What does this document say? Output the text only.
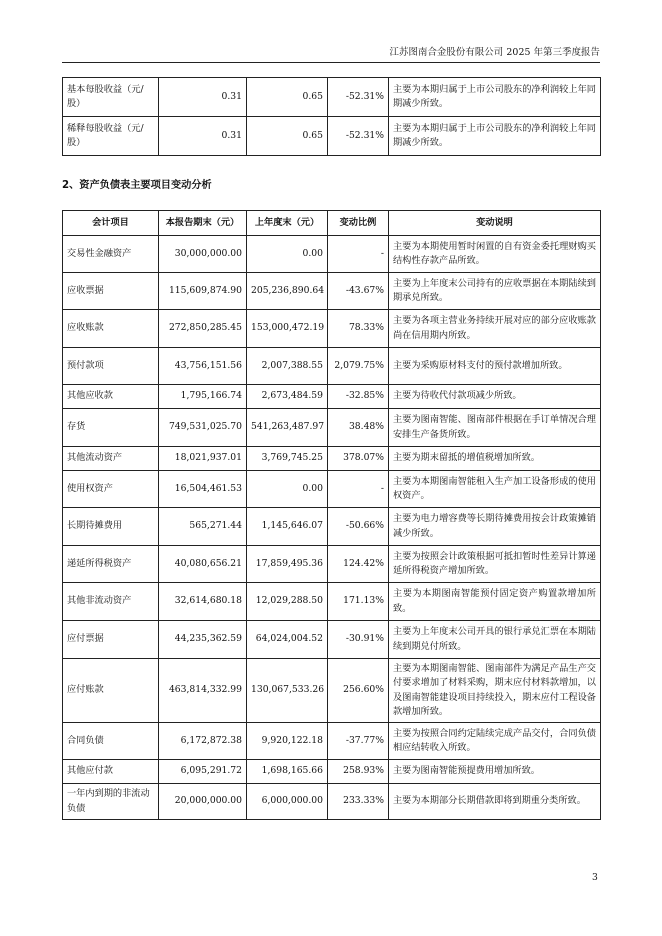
江苏图南合金股份有限公司 2025 年第三季度报告
基本每股收益（元/股）	0.31	0.65	-52.31%	主要为本期归属于上市公司股东的净利润较上年同期减少所致。
稀释每股收益（元/股）	0.31	0.65	-52.31%	主要为本期归属于上市公司股东的净利润较上年同期减少所致。
2、资产负债表主要项目变动分析
会计项目	本报告期末（元）	上年度末（元）	变动比例	变动说明
交易性金融资产	30,000,000.00	0.00	-	主要为本期使用暂时闲置的自有资金委托理财购买结构性存款产品所致。
应收票据	115,609,874.90	205,236,890.64	-43.67%	主要为上年度末公司持有的应收票据在本期陆续到期承兑所致。
应收账款	272,850,285.45	153,000,472.19	78.33%	主要为各项主营业务持续开展对应的部分应收账款尚在信用期内所致。
预付款项	43,756,151.56	2,007,388.55	2,079.75%	主要为采购原材料支付的预付款增加所致。
其他应收款	1,795,166.74	2,673,484.59	-32.85%	主要为待收代付款项减少所致。
存货	749,531,025.70	541,263,487.97	38.48%	主要为图南智能、图南部件根据在手订单情况合理安排生产备货所致。
其他流动资产	18,021,937.01	3,769,745.25	378.07%	主要为期末留抵的增值税增加所致。
使用权资产	16,504,461.53	0.00	-	主要为本期图南智能租入生产加工设备形成的使用权资产。
长期待摊费用	565,271.44	1,145,646.07	-50.66%	主要为电力增容费等长期待摊费用按会计政策摊销减少所致。
递延所得税资产	40,080,656.21	17,859,495.36	124.42%	主要为按照会计政策根据可抵扣暂时性差异计算递延所得税资产增加所致。
其他非流动资产	32,614,680.18	12,029,288.50	171.13%	主要为本期图南智能预付固定资产购置款增加所致。
应付票据	44,235,362.59	64,024,004.52	-30.91%	主要为上年度末公司开具的银行承兑汇票在本期陆续到期兑付所致。
应付账款	463,814,332.99	130,067,533.26	256.60%	主要为本期图南智能、图南部件为满足产品生产交付要求增加了材料采购，期末应付材料款增加，以及图南智能建设项目持续投入，期末应付工程设备款增加所致。
合同负债	6,172,872.38	9,920,122.18	-37.77%	主要为按照合同约定陆续完成产品交付，合同负债相应结转收入所致。
其他应付款	6,095,291.72	1,698,165.66	258.93%	主要为图南智能预提费用增加所致。
一年内到期的非流动负债	20,000,000.00	6,000,000.00	233.33%	主要为本期部分长期借款即将到期重分类所致。
3
